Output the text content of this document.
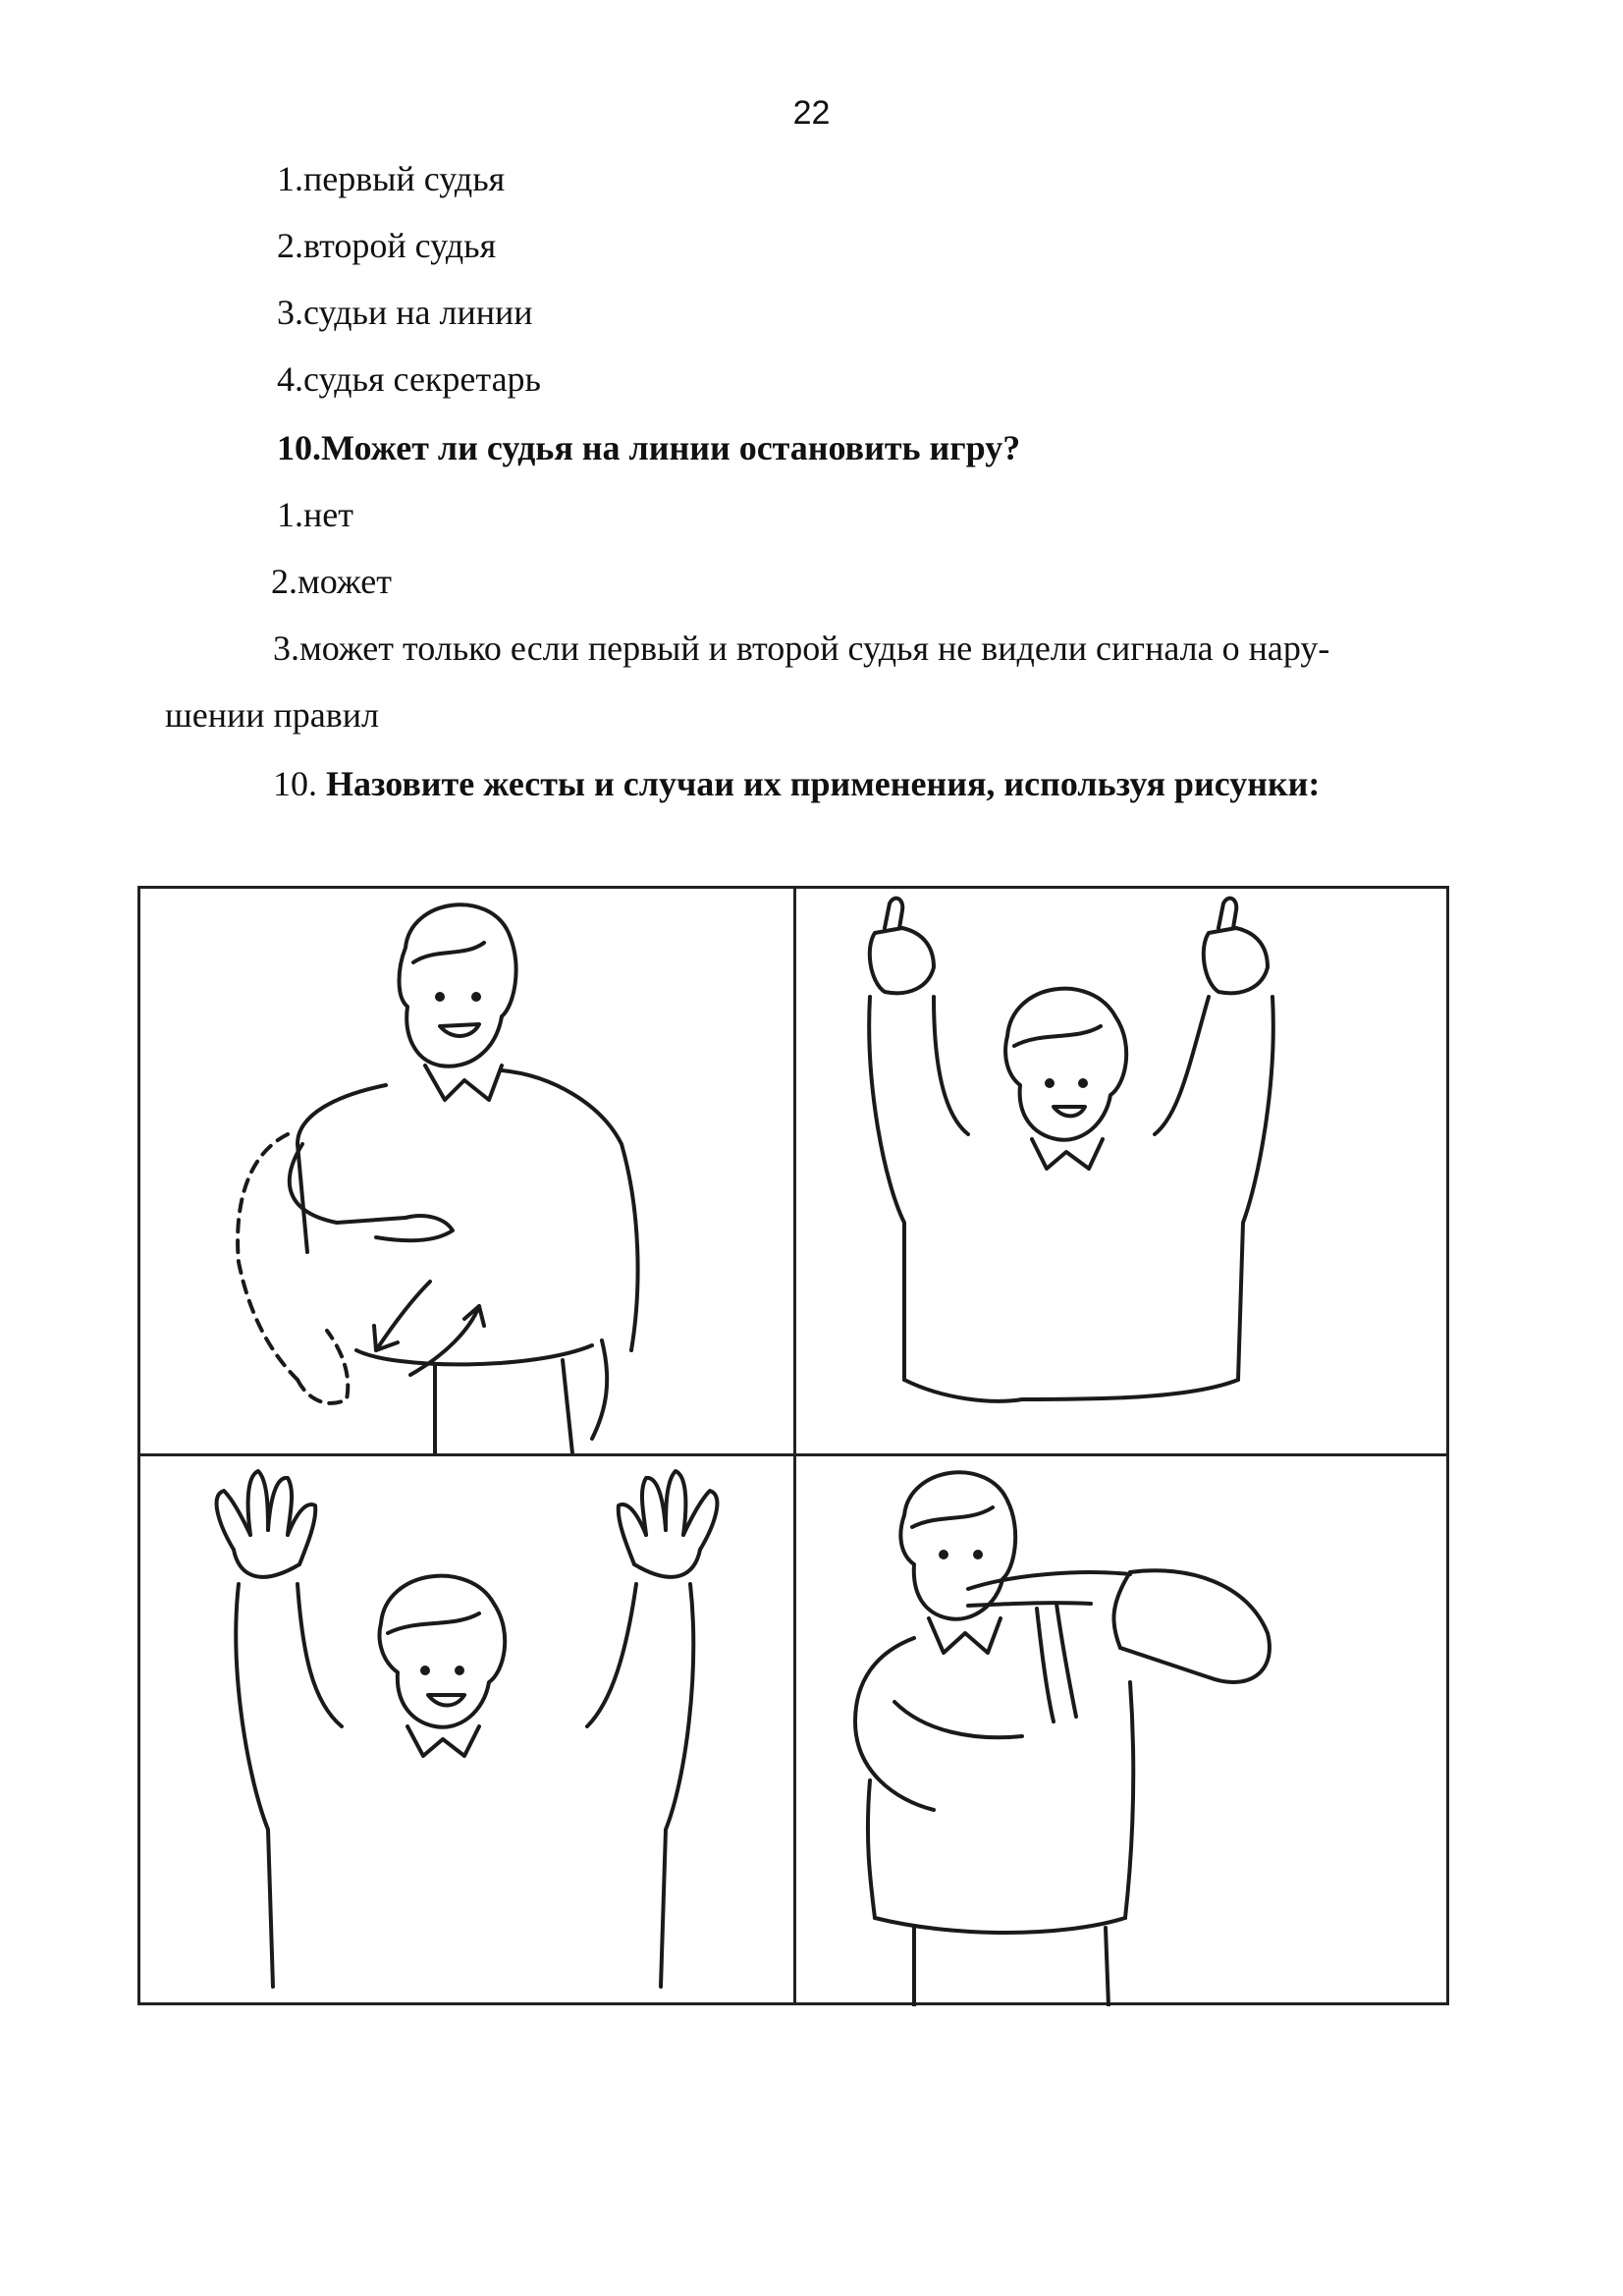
22
1.первый судья
2.второй судья
3.судьи на линии
4.судья секретарь
10.Может ли судья на линии остановить игру?
1.нет
2.может
3.может только если первый и второй судья не видели сигнала о нару-
шении правил
10. Назовите жесты и случаи их применения, используя рисунки:
